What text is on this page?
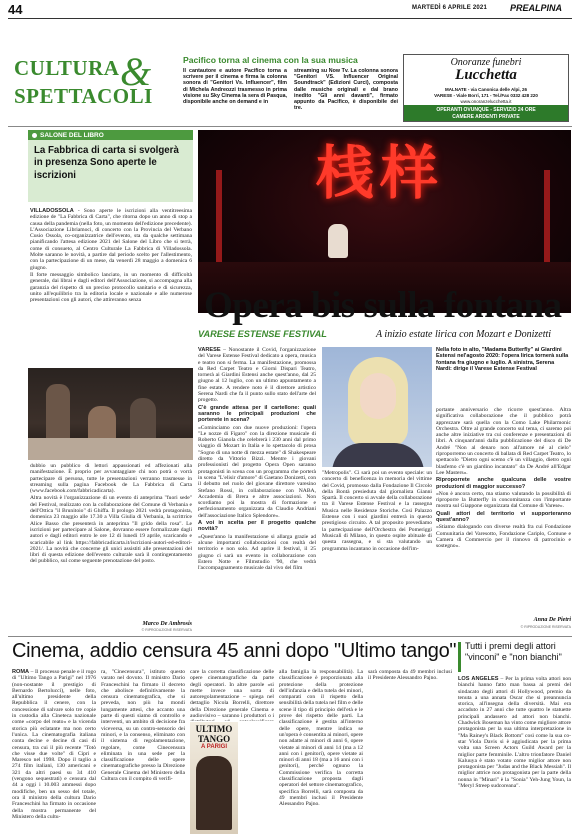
44	MARTEDÌ 6 APRILE 2021	PREALPINA
CULTURA &
SPETTACOLI
Pacifico torna al cinema con la sua musica
Il cantautore e autore Pacifico torna a scrivere per il cinema e firma la colonna sonora di "Genitori Vs. Influencer", film di Michela Andreozzi trasmesso in prima visione su Sky Cinema la sera di Pasqua, disponibile anche on demand e in
streaming su Now Tv. La colonna sonora "Genitori VS. Influencer Original Soundtrack" (Edizioni Curci), composta dalle musiche originali e dal brano inedito "Gli anni davanti", firmato appunto da Pacifico, è disponibile dei tre.
Onoranze funebri
Lucchetta
MALNATE - via Canonica delle Alpi, 26
VARESE - Viale Borri, 171 - Tel./Fax 0332 428 220
www.onoranzelucchetta.it
OPERANTI OVUNQUE - SERVIZIO 24 ORE
CAMERE ARDENTI PRIVATE
SALONE DEL LIBRO
La Fabbrica di carta si svolgerà in presenza Sono aperte le iscrizioni

VILLADOSSOLA - Sono aperte le iscrizioni alla ventitreesima edizione de "La Fabbrica di Carta", che ritorna dopo un anno di stop a causa della pandemia (nella foto, un momento dell'edizione precedente). L'Associazione Libriamoci, di concerto con la Provincia del Verbano Cusio Ossola, co-organizzatrice dell'evento, sta da qualche settimana pianificando l'attesa edizione 2021 del Salone del Libro che si terrà, come di consueto, al Centro Culturale La Fabbrica di Villadossola. Molte saranno le novità, a partire dal periodo scelto per l'allestimento, con la partecipazione di un mese, da venerdì 28 maggio a domenica 6 giugno.

Il forte messaggio simbolico lanciato, in un momento di difficoltà generale, dai librai e dagli editori dell'Associazione, si accompagna alla garanzia del rispetto di un preciso protocollo sanitario e di sicurezza, unito all'equilibrio tra la editoria locale e nazionale e alle numerose presentazioni con gli autori, che attireranno senza

dubbio un pubblico di lettori appassionati ed affezionati alla manifestazione. È proprio per avvantaggiare chi non potrà o vorrà partecipare di persona, tutte le presentazioni verranno trasmesse in streaming sulla pagina Facebook de La Fabbrica di Carta (www.facebook.com/fabbricadicarta).

Altra novità è l'organizzazione di un evento di anteprima "fuori sede" del Festival, realizzato con la collaborazione del Comune di Verbania e dell'Ottica "il Brunitoio" di Ghiffa. Il prologo 2021 vedrà protagonista, domenica 23 maggio alle 17.30 a Villa Giulia di Verbania, la scrittrice Alice Basso che presenterà in anteprima "Il grido della rosa". Le iscrizioni per partecipare al Salone, dovranno essere formalizzate dagli autori e dagli editori entro le ore 12 di lunedì 19 aprile, scaricando e scaricabile al link https://fabbricadicarta.it/iscrizioni-autori-ed-editori-2021/. La novità che concerne gli unici assistiti alle presentazioni del libri di questa edizione dell'evento culturale sarà il contingentamento del pubblico, sul come seguente prenotazione del posto.

Marco De Ambrosis
© RIPRODUZIONE RISERVATA
桟样
Opera bis sulla fontana
VARESE ESTENSE FESTIVAL	A inizio estate lirica con Mozart e Donizetti

VARESE – Nonostante il Covid, l'organizzazione del Varese Estense Festival dedicato a opera, musica e teatro non si ferma. La manifestazione, promossa da Red Carpet Teatro e Giorni Dispari Teatro, tornerà ai Giardini Estensi anche quest'anno, dal 25 giugno al 12 luglio, con un ultimo appuntamento a fine estate. A rendere noto è il direttore artistico Serena Nardi che fa il punto sullo stato dell'arte del progetto.

C'è grande attesa per il cartellone: quali saranno le principali produzioni che porterete in scena?

«Cominciamo con due nuove produzioni: l'opera "Le nozze di Figaro" con la direzione musicale di Roberto Gianola che celebrerà i 230 anni dal primo viaggio di Mozart in Italia e lo spettacolo di prosa "Sogno di una notte di mezza estate" di Shakespeare diretto da Vittorio Bizzi. Mentre i giovani professionisti del progetto Opera Open saranno protagonisti in scena con un programma che porterà in scena "L'elisir d'amore" di Gaetano Donizetti, con il debutto nel ruolo del giovane direttore varesino Stefano Rossi, in collaborazione con NABA, Accademia di Brera e altre associazioni. Non scordiamo poi la mostra di formazione e perfezionamento organizzata da Claudio Andriani dell'associazione Italico Splendore».

A voi in scelta per il progetto qualche novità?

«Quest'anno la manifestazione si allarga grazie ad alcune importanti collaborazioni con realtà del territorio e non solo. Ad aprire il festival, il 25 giugno ci sarà un evento in collaborazione con Estero Notte e Filmstudio '90, che vedrà l'accompagnamento musicale dal vivo del film

"Metropolis". Ci sarà poi un evento speciale: un concerto di beneficenza in memoria del vittime del Covid, promosso dalla Fondazione Il Circolo della Bontà presieduta dal giornalista Gianni Spartà. Il concerto si avvale della collaborazione tra il Varese Estense Festival e la rassegna Musica nelle Residenze Storiche. Così Palazzo Estense con i suoi giardini entrerà in questo prestigioso circuito. A tal proposito prevediamo la partecipazione dell'Orchestra dei Pomeriggi Musicali di Milano, in questo ospite abituale di questa rassegna, e si sta valutando un programma incantano in occasione dell'im-
Nella foto in alto, "Madama Butterfly" ai Giardini Estensi nel'agosto 2020: l'opera lirica tornerà sulla fontana fra giugno e luglio. A sinistra, Serena Nardi: dirige il Varese Estense Festival

portante anniversario che ricorre quest'anno. Altra significativa collaborazione che il pubblico potrà apprezzare sarà quella con la Como Lake Philarmonic Orchestra. Oltre al grande concerto sul tema, ci saremo poi anche altre iniziative tra cui conferenze e presentazioni di libri. A cinquant'anni dalla pubblicazione del disco di De André "Non al denaro non all'amore né al cielo" riproporremo un concerto di ballata di Red Carpet Teatro, lo spettacolo "Dietro ogni scemo c'è un villaggio, dietro ogni blasfemo c'è un giardino incantato" da De André all'Edgar Lee Masters».

Riproporrete anche qualcuna delle vostre produzioni di maggior successo?

«Non è ancora certo, ma stiamo valutando la possibilità di riproporre la Butterfly in concomitanza con l'importante mostra sul Giappone organizzata dal Comune di Varese».

Quali attori del territorio vi supporteranno quest'anno?

«Stiamo dialogando con diverse realtà fra cui Fondazione Comunitaria del Varesotto, Fondazione Cariplo, Comune e Camera di Commercio per il rinnovo di patrocinio e sostegno».

Anna De Pietri
© RIPRODUZIONE RISERVATA
Cinema, addio censura 45 anni dopo "Ultimo tango"

ROMA – Il processo penale e il rogo di "Ultimo Tango a Parigi" nel 1976 (non-nostante il prestigio di Bernardo Bertolucci), nelle foto, all'ultimo presidente della Repubblica il cenere, con la concessione di salvare solo tre copie in custodia alla Cineteca nazionale come «corpo del reato» e la vicenda storica più eclatante ma non certo l'unica. La cinematografia italiana conta decine e decine di casi di censura, tra cui il più recente "Totò che visse due volte" di Cipri e Maresco nel 1998. Dopo il taglio a 274 film italiani, 130 americani e 321 da altri paesi su 34 410 (vengono sequestrati) e censura dal 44 a oggi i 10.003 ammessi dopo modifiche, ben un sesso del totale, ora il ministro della cultura Dario Franceschini ha firmato in occasione della mostra permanente del Ministero della cultu-

ra, "Cinecensura", istituto questo varato nel dovuto. Il ministro Dario Franceschini ha firmato il decreto che abolisce definitivamente la censura cinematografica, che si preveda, non più ha mondi lungamente attesi, che accanto una parte di questi siamo di controllo e interventi, un ambito di decisione fra viceversa, su un contro-sensorio dei minori, e la consenso, eliminato con il sistema di regolamentazione, regolare, come Cinecensura eliminata in una sede per la classificazione delle opere cinematografiche presso la Direzione Generale Cinema del Ministero della Cultura con il compito di verifi-
care la corretta classificazione delle opere cinematografiche da parte degli operatori. In altre parole «si mette invece una sorta di autoregolamentazione – spiega nel dettaglio Nicola Borrelli, direttore della Direzione generale Cinema e audiovisivo – saranno i produttori o i
ULTIMO
TANGO
A PARIGI
alla famiglia la responsabilità). La classificazione è proporzionata alla protezione della protezione dell'infanzia e della tutela dei minori, comparati con il rispetto della sensibilità della tutela nel film e delle scene il tipo di principio dell'età e le prove dei rispetto delle parti. La classificazione è gestita all'interno delle opere, mentre indica se un'opera è consentita ai minori, opere non adatte ai minori di anni 6, opere vietate ai minori di anni 14 (ma a 12 anni con i genitori), opere vietate ai minori di anni 18 (ma a 16 anni con i genitori), perché ognuno la Commissione verifica la corretta classificazione proposta dagli operatori del settore cinematografico, specifica Borrelli, sarà composta da 49 membri inclusi il Presidente Alessandro Pajno.
sarà composta da 49 membri inclusi il Presidente Alessandro Pajno.
Tutti i premi degli attori "vinconi" e "non bianchi"

LOS ANGELES – Per la prima volta attori non bianchi hanno fatto man bassa ai premi del sindacato degli attori di Hollywood, premio da tenuta a una annata Oscar che si preannuncia storica, all'insegna della diversità. Mai era accaduto in 27 anni che tutte quattro le statuette principali andassero ad attori non bianchi. Chadwick Boseman ha vinto come migliore attore protagonista per la sua ultima interpretazione in "Ma Rainey's Black Bottom" così come la sua co-star Viola Davis si è aggiudicata per la prima volta una Screen Actors Guild Award per la miglior parte femminile. L'altro trionfatore Daniel Kaluuya è stato votato come miglior attore non protagonista per "Judas and the Black Messiah". Il miglior attrice non protagonista per la parte della nonna in "Minari" è la "Sonia" Yeh-Jung Youn, la "Meryl Streep sudcoreana".
